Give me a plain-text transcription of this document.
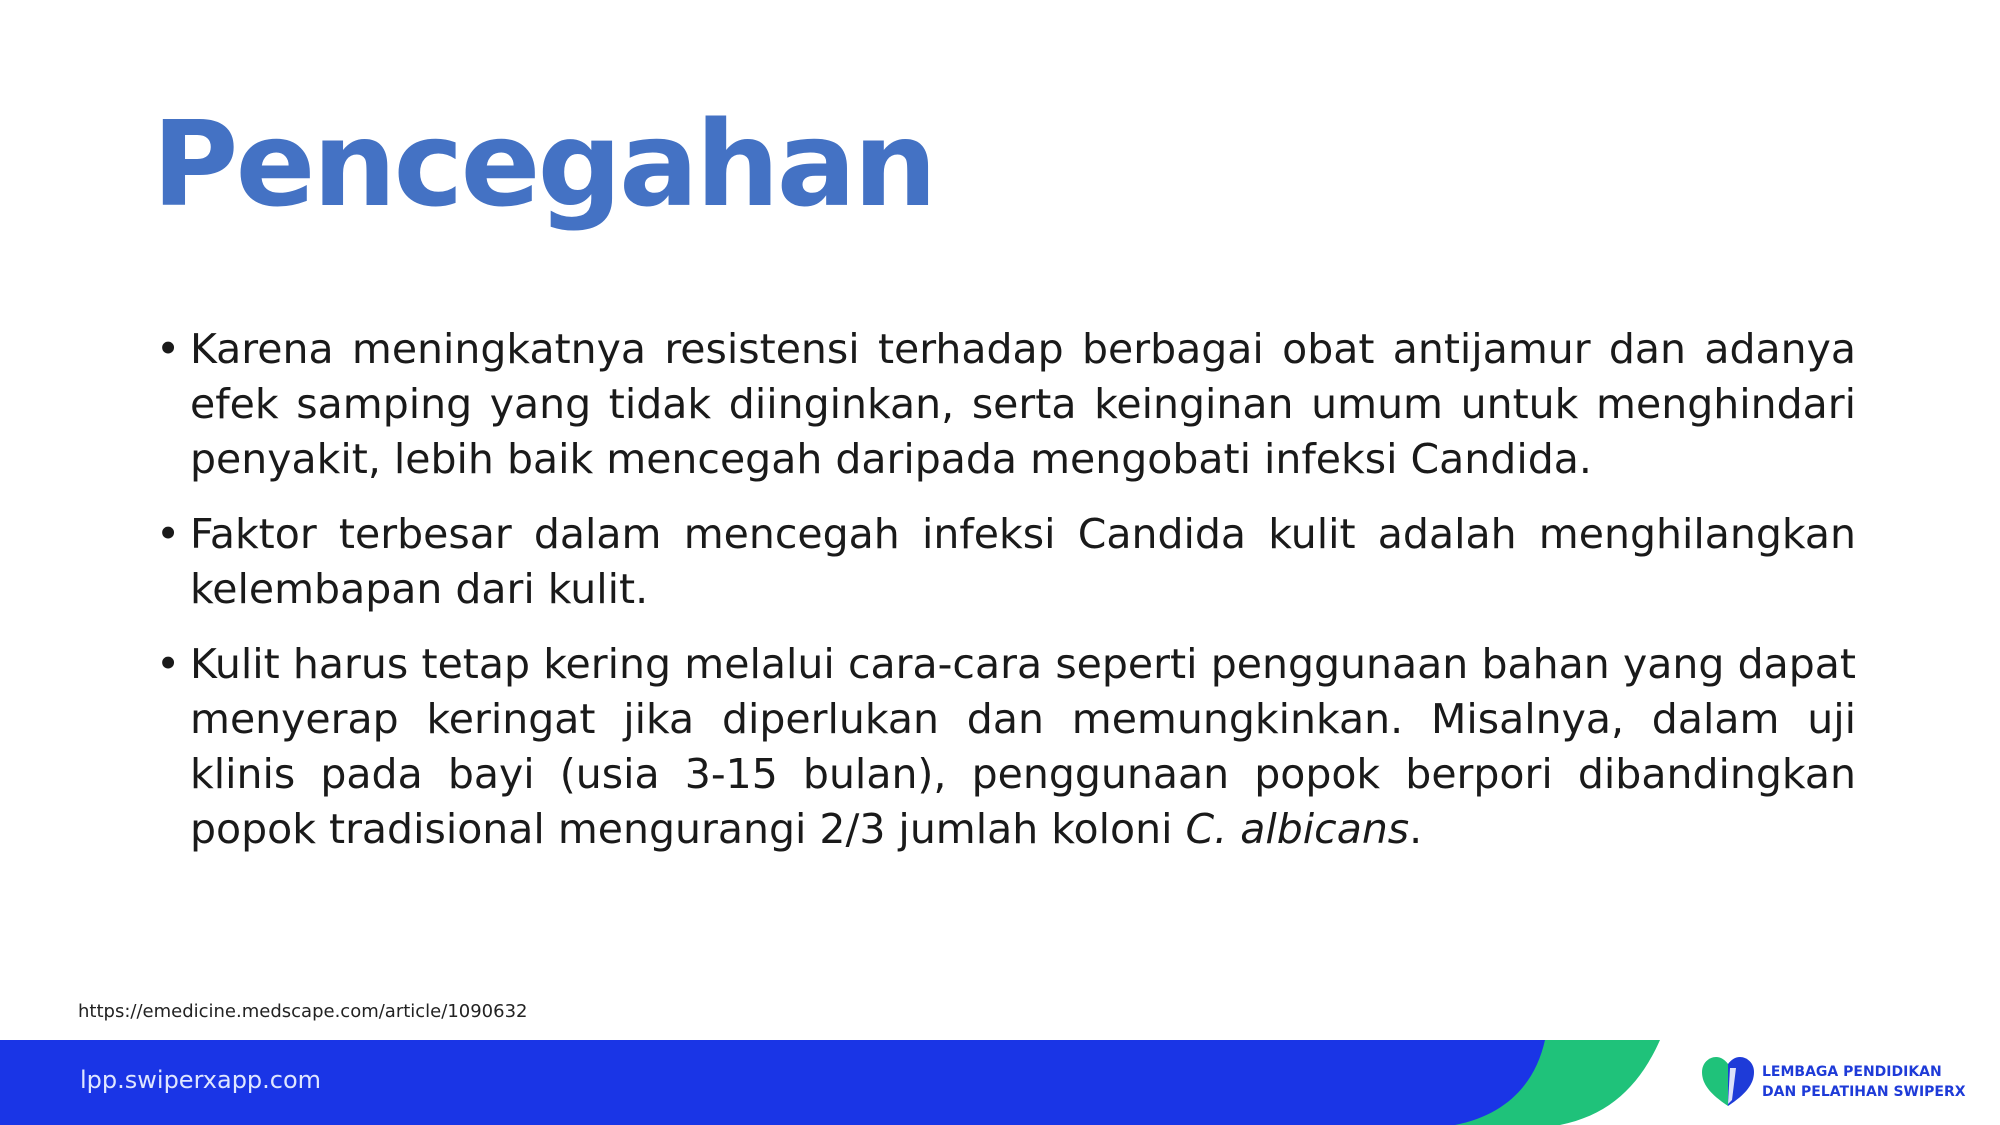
Pencegahan
• Karena meningkatnya resistensi terhadap berbagai obat antijamur dan adanya efek samping yang tidak diinginkan, serta keinginan umum untuk menghindari penyakit, lebih baik mencegah daripada mengobati infeksi Candida.
• Faktor terbesar dalam mencegah infeksi Candida kulit adalah menghilangkan kelembapan dari kulit.
• Kulit harus tetap kering melalui cara-cara seperti penggunaan bahan yang dapat menyerap keringat jika diperlukan dan memungkinkan. Misalnya, dalam uji klinis pada bayi (usia 3-15 bulan), penggunaan popok berpori dibandingkan popok tradisional mengurangi 2/3 jumlah koloni C. albicans.
https://emedicine.medscape.com/article/1090632
lpp.swiperxapp.com	LEMBAGA PENDIDIKAN
DAN PELATIHAN SWIPERX
